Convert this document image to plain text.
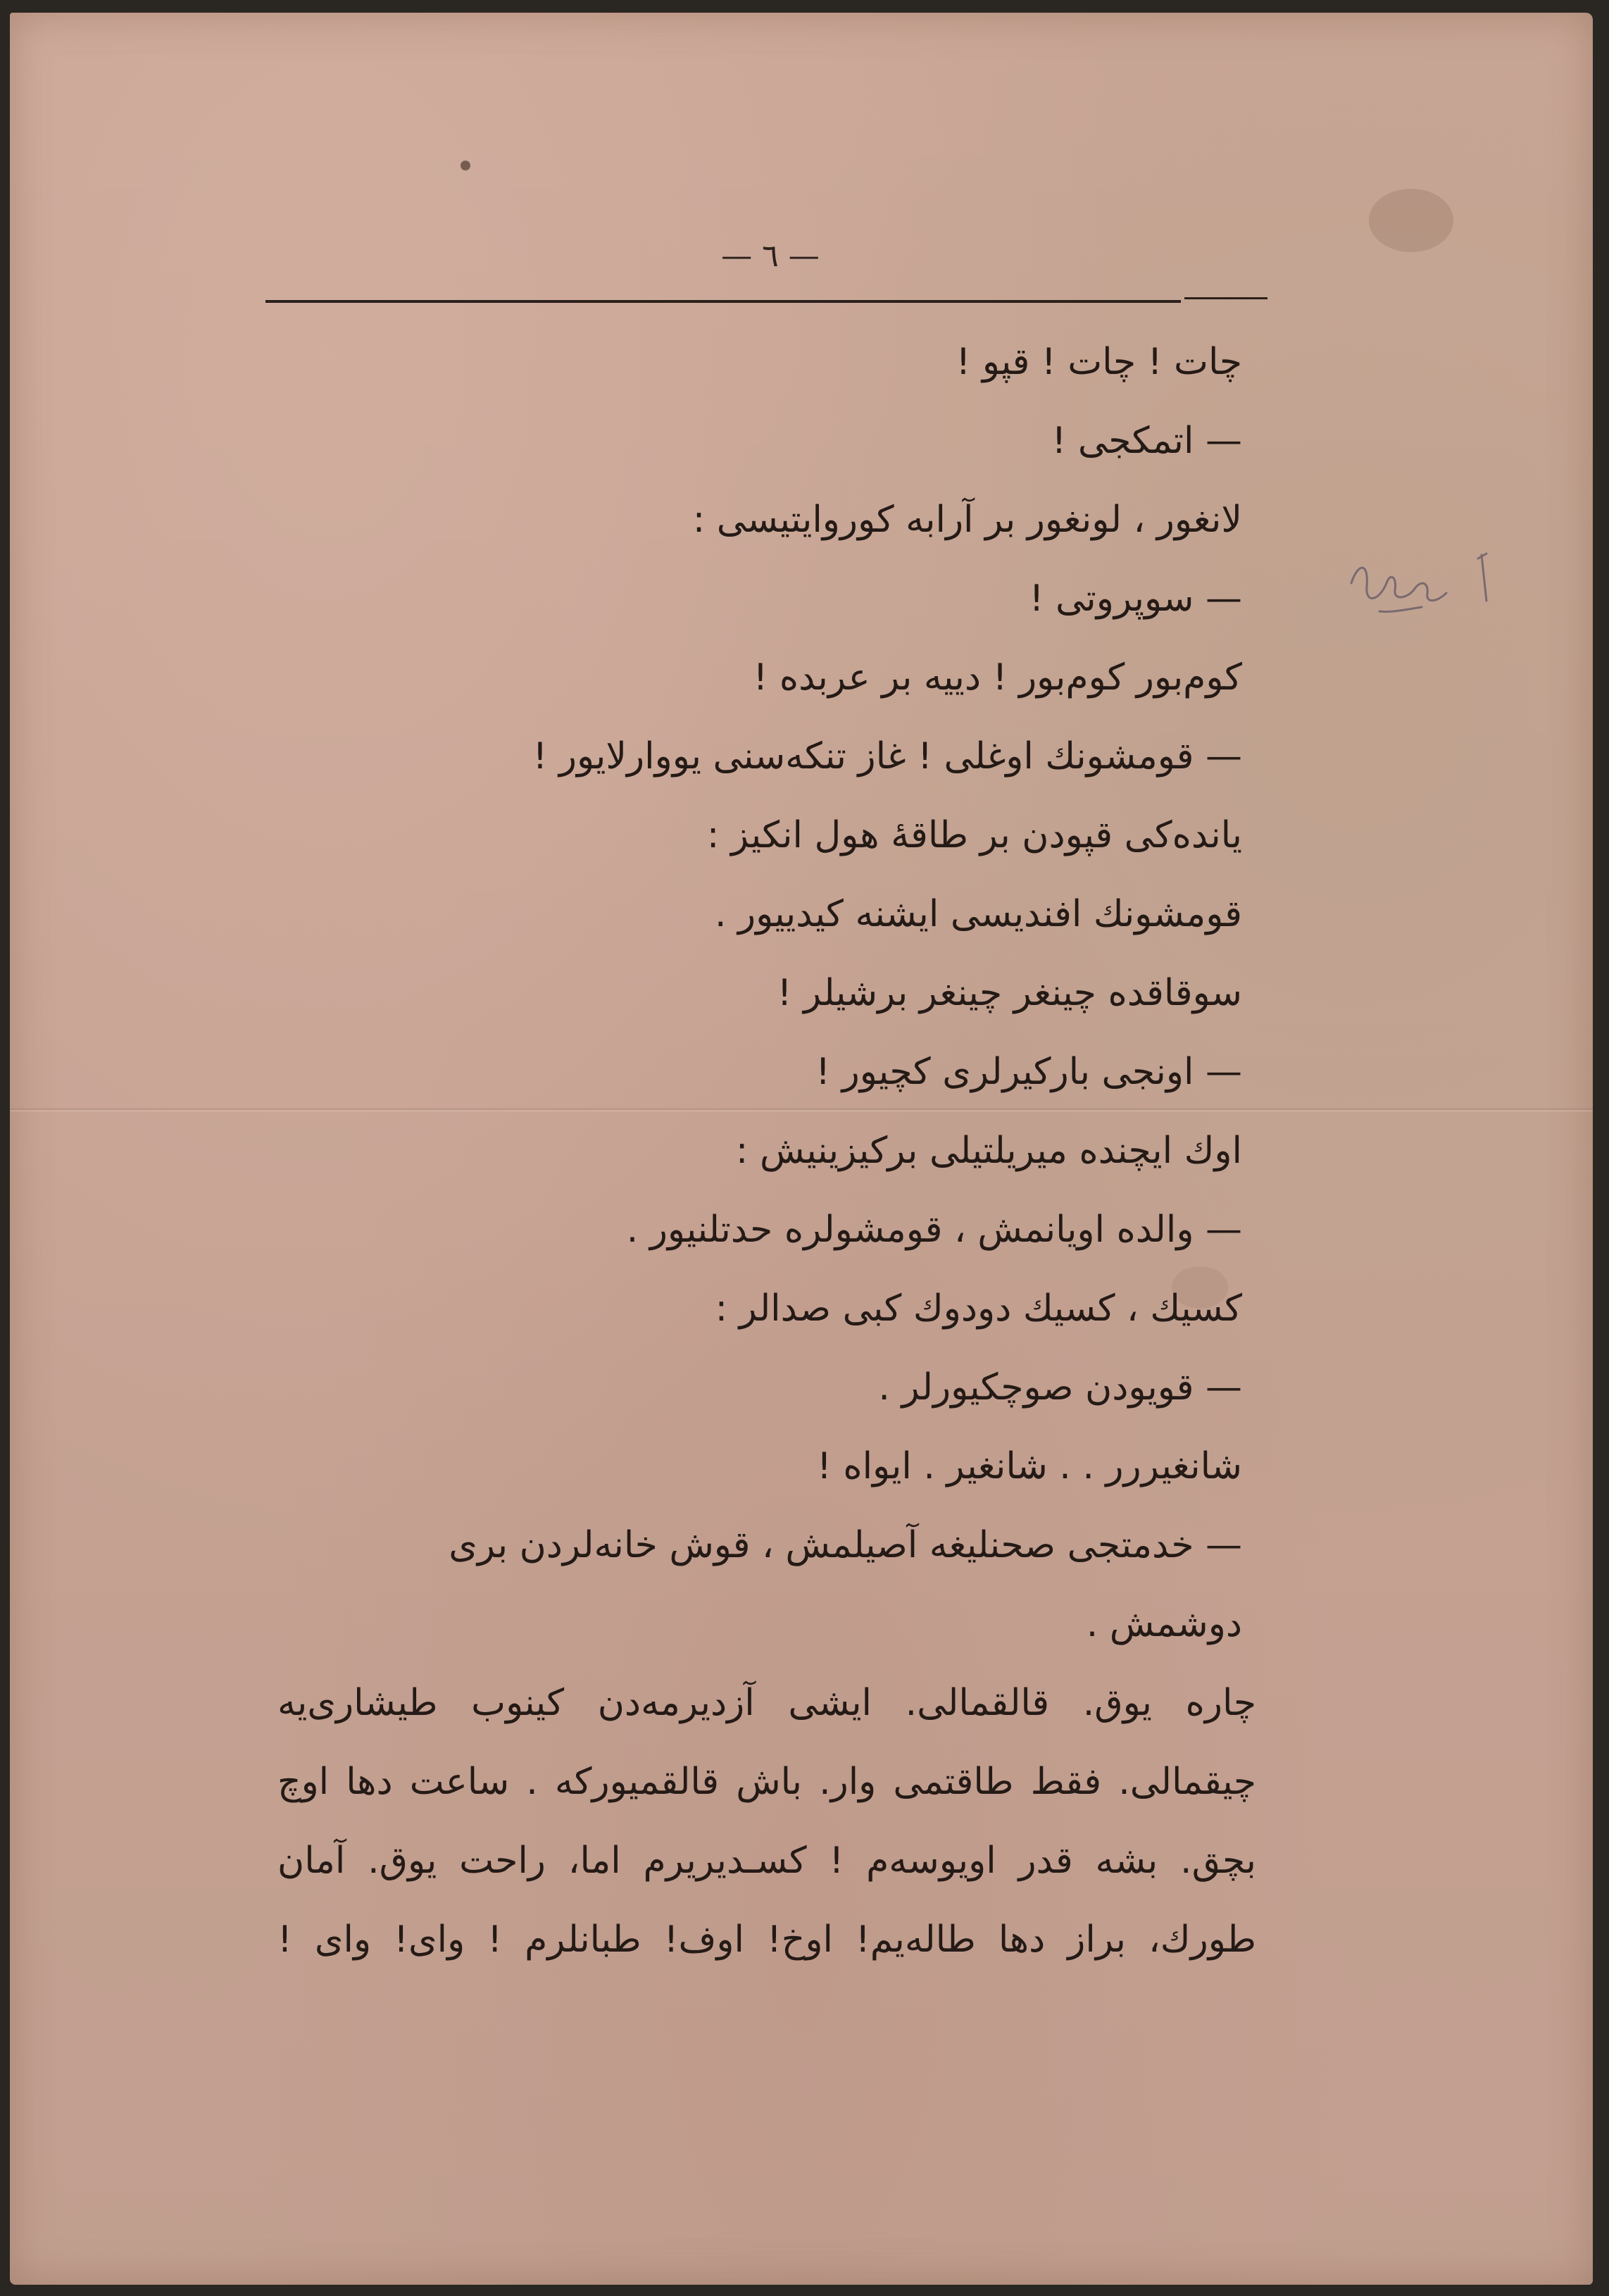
— ٦ —
چات ! چات ! قپو !
— اتمکجی !
لانغور ، لونغور بر آرابه کوروایتیسی :
— سوپروتی !
کوم‌بور کوم‌بور ! دییه بر عربده !
— قومشونك اوغلی ! غاز تنکه‌سنی یووارلایور !
یانده‌کی قپودن بر طاقهٔ هول انکیز :
قومشونك افندیسی ایشنه کیدییور .
سوقاقده چینغر چینغر برشیلر !
— اونجی بارکیرلری کچیور !
اوك ایچنده میریلتیلی برکیزینیش :
— والده اویانمش ، قومشولره حدتلنیور .
کسیك ، کسیك دودوك کبی صدالر :
— قویودن صوچکیورلر .
شانغیررر . . شانغیر . ایواه !
— خدمتجی صحنلیغه آصیلمش ، قوش خانه‌لردن بری
دوشمش .
چاره یوق. قالقمالی. ایشی آزدیرمه‌دن کینوب طیشاری‌یه
چیقمالی. فقط طاقتمی وار. باش قالقمیورکه . ساعت دها اوچ
بچق. بشه قدر اویوسه‌م ! کسـدیریرم اما، راحت یوق. آمان
طورك، براز دها طاله‌یم! اوخ! اوف! طبانلرم ! وای! وای !
